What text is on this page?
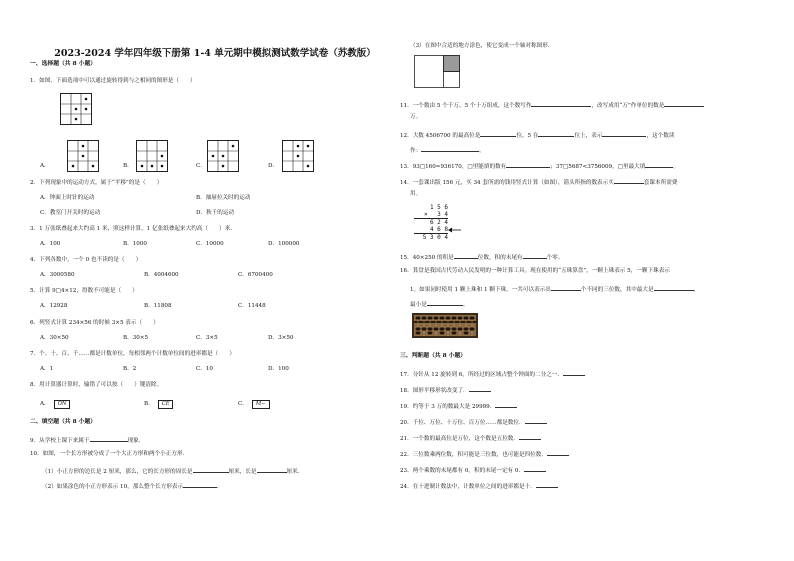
2023-2024 学年四年级下册第 1-4 单元期中模拟测试数学试卷（苏教版）
一、选择题（共 8 小题）
1．如图，下面选项中可以通过旋转得到与之相同的图形是（　　）
A．	B．	C．	D．
2．下列现象中的运动方式，属于“平移”的是（　　）
A．钟面上时针的运动	B．抽屉拉关时的运动
C．教室门开关时的运动	D．秋千的运动
3．1 万张纸叠起来大约高 1 米，照这样计算，1 亿张纸叠起来大约高（　　）米．
A．100	B．1000	C．10000	D．100000
4．下列各数中，一个 0 也不读的是（　　）
A．3000580	B．4004600	C．6700400
5．计算 9□4×12，得数不可能是（　　）
A．12928	B．11808	C．11448
6．列竖式计算 234×56 的时候 3×5 表示（　　）
A．30×50	B．30×5	C．3×5	D．3×50
7．个、十、百、千……都是计数单位，每相邻两个计数单位间的进率都是（　　）
A．1	B．2	C．10	D．100
8．用计算器计算时，输错了可以按（　　）键清除。
A． ON	B． CE	C． M−
二、填空题（共 8 小题）
9．从学校上课下来属于	现象．
10．如图，一个长方形被分成了一个大正方形和两个小正方形．
（1）小正方形的边长是 2 厘米，那么，它的长方形的周长是	厘米，长是	厘米．
（2）如果涂色的小正方形表示 10，那么整个长方形表示	．
（3）在图中合适的地方涂色，使它变成一个轴对称图形．
11．一个数由 5 个千万、5 个十万组成，这个数写作	，改写成用“万”作单位的数是
万。
12．大数 4506700 的最高位是	位，5 在	位上，表示	，这个数读
作：	。
13．93□160≈936170，□里能填的数有	；37□5687<3756009，□里最大填	。
14．一套课出版 156 元，买 34 套所需的钱用竖式计算（如图），箭头所指的数表示买	套课本所需费
用。
1 5 6
× 　3 4
6 2 4
4 6 8
5 3 0 4
15．40×250 的积是	位数，积的末尾有	个零。
16．算盘是我国古代劳动人民发明的一种计算工具。现在使用的“五珠算盘”，一颗上珠表示 5，一颗下珠表示
1。如果同时使用 1 颗上珠和 1 颗下珠，一共可以表示出	个不同的三位数，其中最大是	，
最小是	。
三、判断题（共 8 小题）
17．分针从 12 旋转到 6，所经过的区域占整个钟面的二分之一．
18．图形平移形状改变了．
19．约等于 3 万的数最大是 29999．
20．千位、万位、十万位、百万位……都是数位．
21．一个数的最高位是万位，这个数是五位数．
22．三位数乘两位数，积可能是三位数，也可能是四位数．
23．两个乘数的末尾都有 0，积的末尾一定有 0．
24．在十进制计数法中，计数单位之间的进率都是十．
